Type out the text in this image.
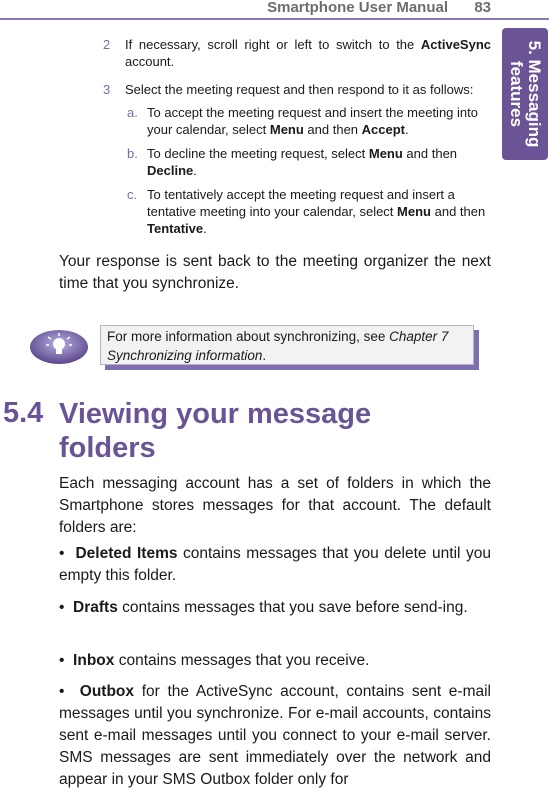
Smartphone User Manual 83
5. Messaging
features
2 If necessary, scroll right or left to switch to the ActiveSync account.
3 Select the meeting request and then respond to it as follows:
a. To accept the meeting request and insert the meeting into your calendar, select Menu and then Accept.
b. To decline the meeting request, select Menu and then Decline.
c. To tentatively accept the meeting request and insert a tentative meeting into your calendar, select Menu and then Tentative.

Your response is sent back to the meeting organizer the next time that you synchronize.

For more information about synchronizing, see Chapter 7 Synchronizing information.
5.4 Viewing your message folders

Each messaging account has a set of folders in which the Smartphone stores messages for that account. The default folders are:

•  Deleted Items contains messages that you delete until you empty this folder.

•  Drafts contains messages that you save before send-ing.

•  Inbox contains messages that you receive.

•  Outbox for the ActiveSync account, contains sent e-mail messages until you synchronize. For e-mail accounts, contains sent e-mail messages until you connect to your e-mail server. SMS messages are sent immediately over the network and appear in your SMS Outbox folder only for
